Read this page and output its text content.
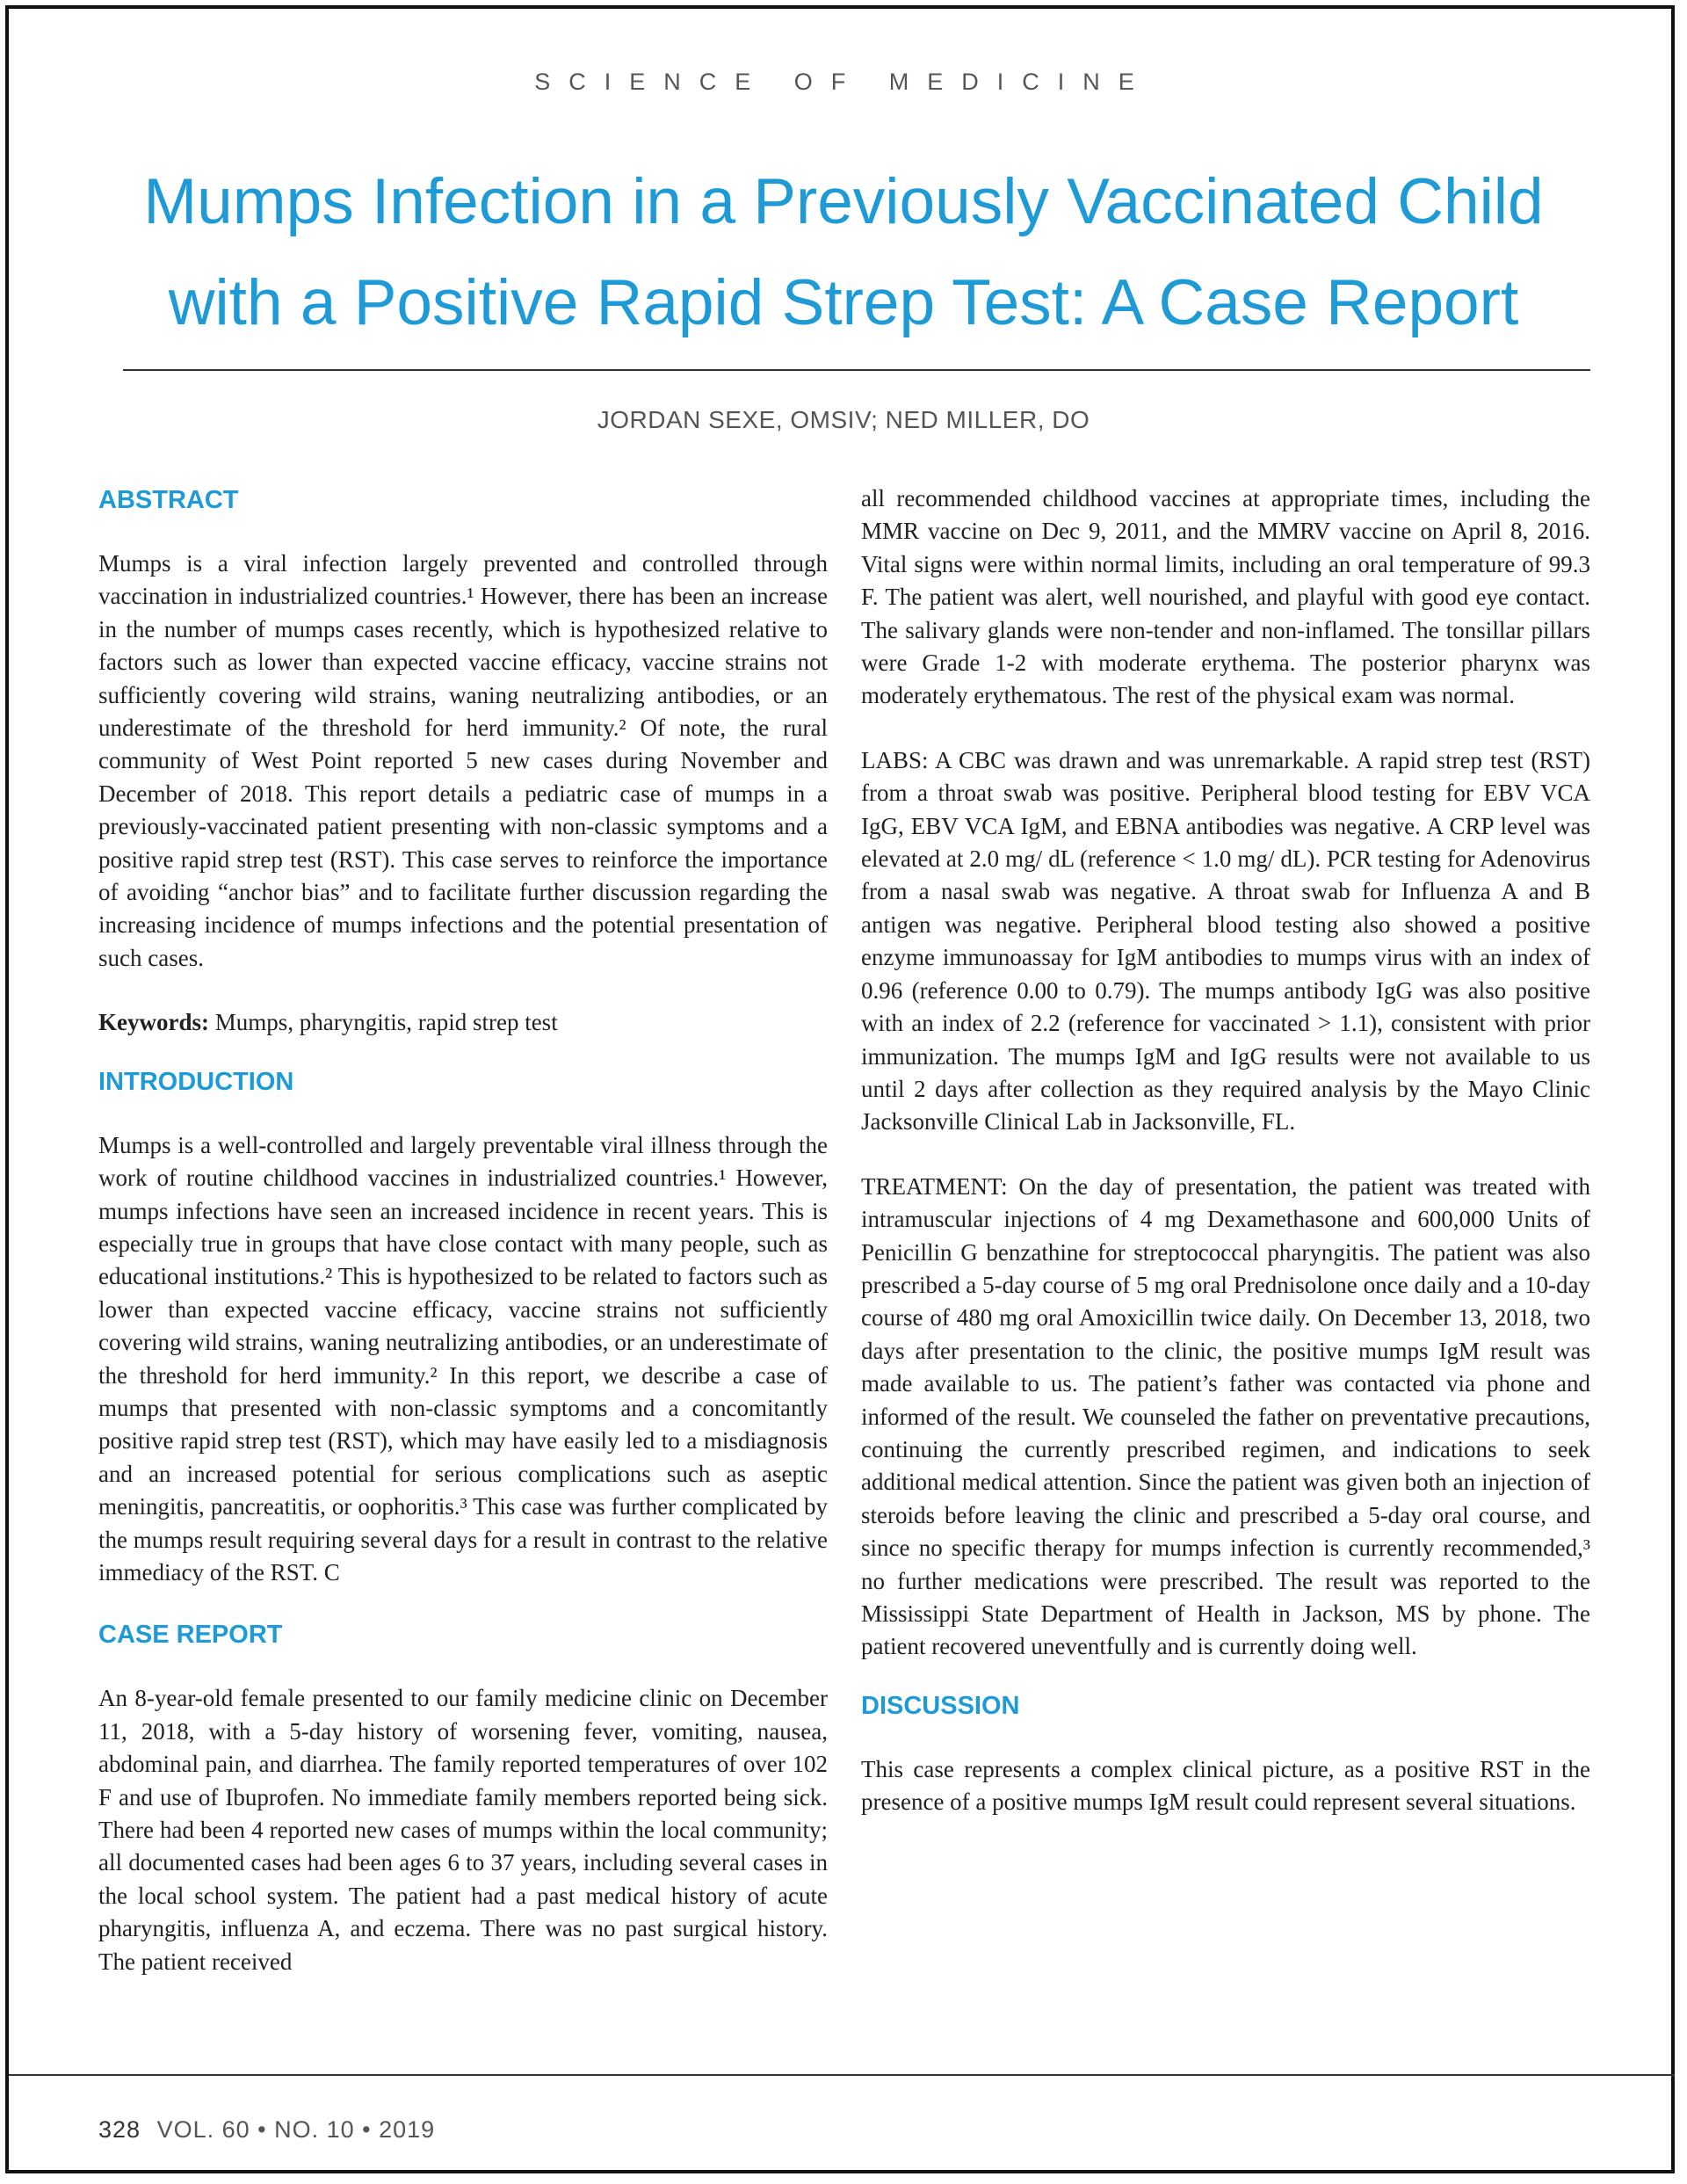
SCIENCE OF MEDICINE
Mumps Infection in a Previously Vaccinated Child
with a Positive Rapid Strep Test: A Case Report
JORDAN SEXE, OMSIV; NED MILLER, DO
ABSTRACT

Mumps is a viral infection largely prevented and controlled through vaccination in industrialized countries.¹ However, there has been an increase in the number of mumps cases recently, which is hypothesized relative to factors such as lower than expected vaccine efficacy, vaccine strains not sufficiently covering wild strains, waning neutralizing antibodies, or an underestimate of the threshold for herd immunity.² Of note, the rural community of West Point reported 5 new cases during November and December of 2018. This report details a pediatric case of mumps in a previously-vaccinated patient presenting with non-classic symptoms and a positive rapid strep test (RST). This case serves to reinforce the importance of avoiding “anchor bias” and to facilitate further discussion regarding the increasing incidence of mumps infections and the potential presentation of such cases.

Keywords: Mumps, pharyngitis, rapid strep test

INTRODUCTION

Mumps is a well-controlled and largely preventable viral illness through the work of routine childhood vaccines in industrialized countries.¹ However, mumps infections have seen an increased incidence in recent years. This is especially true in groups that have close contact with many people, such as educational institutions.² This is hypothesized to be related to factors such as lower than expected vaccine efficacy, vaccine strains not sufficiently covering wild strains, waning neutralizing antibodies, or an underestimate of the threshold for herd immunity.² In this report, we describe a case of mumps that presented with non-classic symptoms and a concomitantly positive rapid strep test (RST), which may have easily led to a misdiagnosis and an increased potential for serious complications such as aseptic meningitis, pancreatitis, or oophoritis.³ This case was further complicated by the mumps result requiring several days for a result in contrast to the relative immediacy of the RST. C

CASE REPORT

An 8-year-old female presented to our family medicine clinic on December 11, 2018, with a 5-day history of worsening fever, vomiting, nausea, abdominal pain, and diarrhea. The family reported temperatures of over 102 F and use of Ibuprofen. No immediate family members reported being sick. There had been 4 reported new cases of mumps within the local community; all documented cases had been ages 6 to 37 years, including several cases in the local school system. The patient had a past medical history of acute pharyngitis, influenza A, and eczema. There was no past surgical history. The patient received

all recommended childhood vaccines at appropriate times, including the MMR vaccine on Dec 9, 2011, and the MMRV vaccine on April 8, 2016. Vital signs were within normal limits, including an oral temperature of 99.3 F. The patient was alert, well nourished, and playful with good eye contact. The salivary glands were non-tender and non-inflamed. The tonsillar pillars were Grade 1-2 with moderate erythema. The posterior pharynx was moderately erythematous. The rest of the physical exam was normal.

LABS: A CBC was drawn and was unremarkable. A rapid strep test (RST) from a throat swab was positive. Peripheral blood testing for EBV VCA IgG, EBV VCA IgM, and EBNA antibodies was negative. A CRP level was elevated at 2.0 mg/ dL (reference < 1.0 mg/ dL). PCR testing for Adenovirus from a nasal swab was negative. A throat swab for Influenza A and B antigen was negative. Peripheral blood testing also showed a positive enzyme immunoassay for IgM antibodies to mumps virus with an index of 0.96 (reference 0.00 to 0.79). The mumps antibody IgG was also positive with an index of 2.2 (reference for vaccinated > 1.1), consistent with prior immunization. The mumps IgM and IgG results were not available to us until 2 days after collection as they required analysis by the Mayo Clinic Jacksonville Clinical Lab in Jacksonville, FL.

TREATMENT: On the day of presentation, the patient was treated with intramuscular injections of 4 mg Dexamethasone and 600,000 Units of Penicillin G benzathine for streptococcal pharyngitis. The patient was also prescribed a 5-day course of 5 mg oral Prednisolone once daily and a 10-day course of 480 mg oral Amoxicillin twice daily. On December 13, 2018, two days after presentation to the clinic, the positive mumps IgM result was made available to us. The patient’s father was contacted via phone and informed of the result. We counseled the father on preventative precautions, continuing the currently prescribed regimen, and indications to seek additional medical attention. Since the patient was given both an injection of steroids before leaving the clinic and prescribed a 5-day oral course, and since no specific therapy for mumps infection is currently recommended,³ no further medications were prescribed. The result was reported to the Mississippi State Department of Health in Jackson, MS by phone. The patient recovered uneventfully and is currently doing well.

DISCUSSION

This case represents a complex clinical picture, as a positive RST in the presence of a positive mumps IgM result could represent several situations.

328 VOL. 60 • NO. 10 • 2019
